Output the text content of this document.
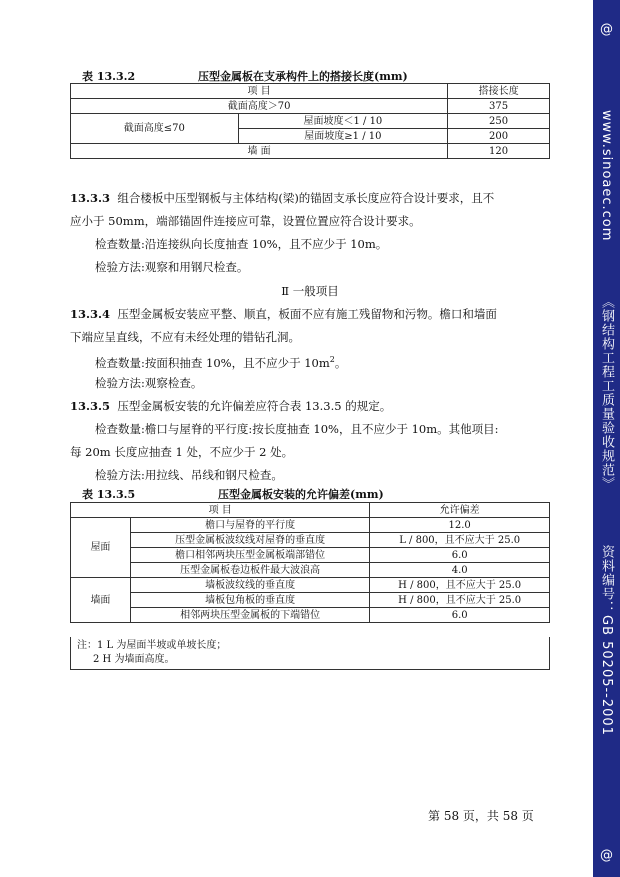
表 13.3.2	压型金属板在支承构件上的搭接长度(mm)
项 目		搭接长度
截面高度＞70		375
截面高度≤70	屋面坡度＜1 / 10	250
	屋面坡度≥1 / 10	200
墙 面		120

13.3.3 组合楼板中压型钢板与主体结构(梁)的锚固支承长度应符合设计要求，且不

应小于 50mm，端部锚固件连接应可靠，设置位置应符合设计要求。

检查数量:沿连接纵向长度抽查 10%，且不应少于 10m。

检验方法:观察和用钢尺检查。

Ⅱ 一般项目

13.3.4 压型金属板安装应平整、顺直，板面不应有施工残留物和污物。檐口和墙面

下端应呈直线，不应有未经处理的错钻孔洞。

检查数量:按面积抽查 10%，且不应少于 $10m^2$。

检验方法:观察检查。

13.3.5 压型金属板安装的允许偏差应符合表 13.3.5 的规定。

检查数量:檐口与屋脊的平行度:按长度抽查 10%，且不应少于 10m。其他项目:

每 20m 长度应抽查 1 处，不应少于 2 处。

检验方法:用拉线、吊线和钢尺检查。

表 13.3.5	压型金属板安装的允许偏差(mm)
项 目		允许偏差
屋面	檐口与屋脊的平行度	12.0
	压型金属板波纹线对屋脊的垂直度	L / 800，且不应大于 25.0
	檐口相邻两块压型金属板端部错位	6.0
	压型金属板卷边板件最大波浪高	4.0
墙面	墙板波纹线的垂直度	H / 800，且不应大于 25.0
	墙板包角板的垂直度	H / 800，且不应大于 25.0
	相邻两块压型金属板的下端错位	6.0
注：1 L 为屋面半坡或单坡长度；
2 H 为墙面高度。
第 58 页，共 58 页
@
www.sinoaec.com
《钢结构工程工质量验收规范》
资料编号：GB 50205--2001
@
